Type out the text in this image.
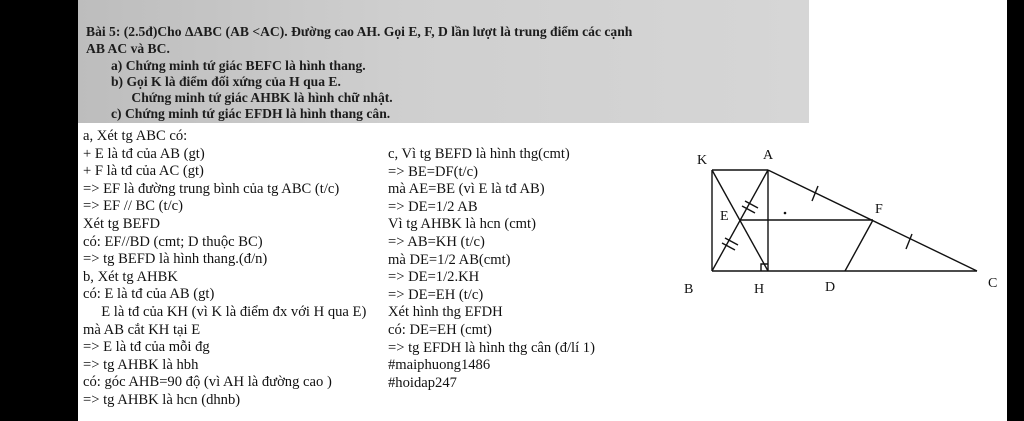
Bài 5: (2.5đ)Cho ΔABC (AB <AC). Đường cao AH. Gọi E, F, D lần lượt là trung điểm các cạnh
AB AC và BC.
a) Chứng minh tứ giác BEFC là hình thang.
b) Gọi K là điểm đối xứng của H qua E.
Chứng minh tứ giác AHBK là hình chữ nhật.
c) Chứng minh tứ giác EFDH là hình thang cân.
a, Xét tg ABC có:
+ E là tđ của AB (gt)
+ F là tđ của AC (gt)
=> EF là đường trung bình của tg ABC (t/c)
=> EF // BC (t/c)
Xét tg BEFD
có: EF//BD (cmt; D thuộc BC)
=> tg BEFD là hình thang.(đ/n)
b, Xét tg AHBK
có: E là tđ của AB (gt)
E là tđ của KH (vì K là điểm đx với H qua E)
mà AB cắt KH tại E
=> E là tđ của mỗi đg
=> tg AHBK là hbh
có: góc AHB=90 độ (vì AH là đường cao )
=> tg AHBK là hcn (dhnb)
c, Vì tg BEFD là hình thg(cmt)
=> BE=DF(t/c)
mà AE=BE (vì E là tđ AB)
=> DE=1/2 AB
Vì tg AHBK là hcn (cmt)
=> AB=KH (t/c)
mà DE=1/2 AB(cmt)
=> DE=1/2.KH
=> DE=EH (t/c)
Xét hình thg EFDH
có: DE=EH (cmt)
=> tg EFDH là hình thg cân (đ/lí 1)
#maiphuong1486
#hoidap247
K	A
E	F
B	H	D	C
